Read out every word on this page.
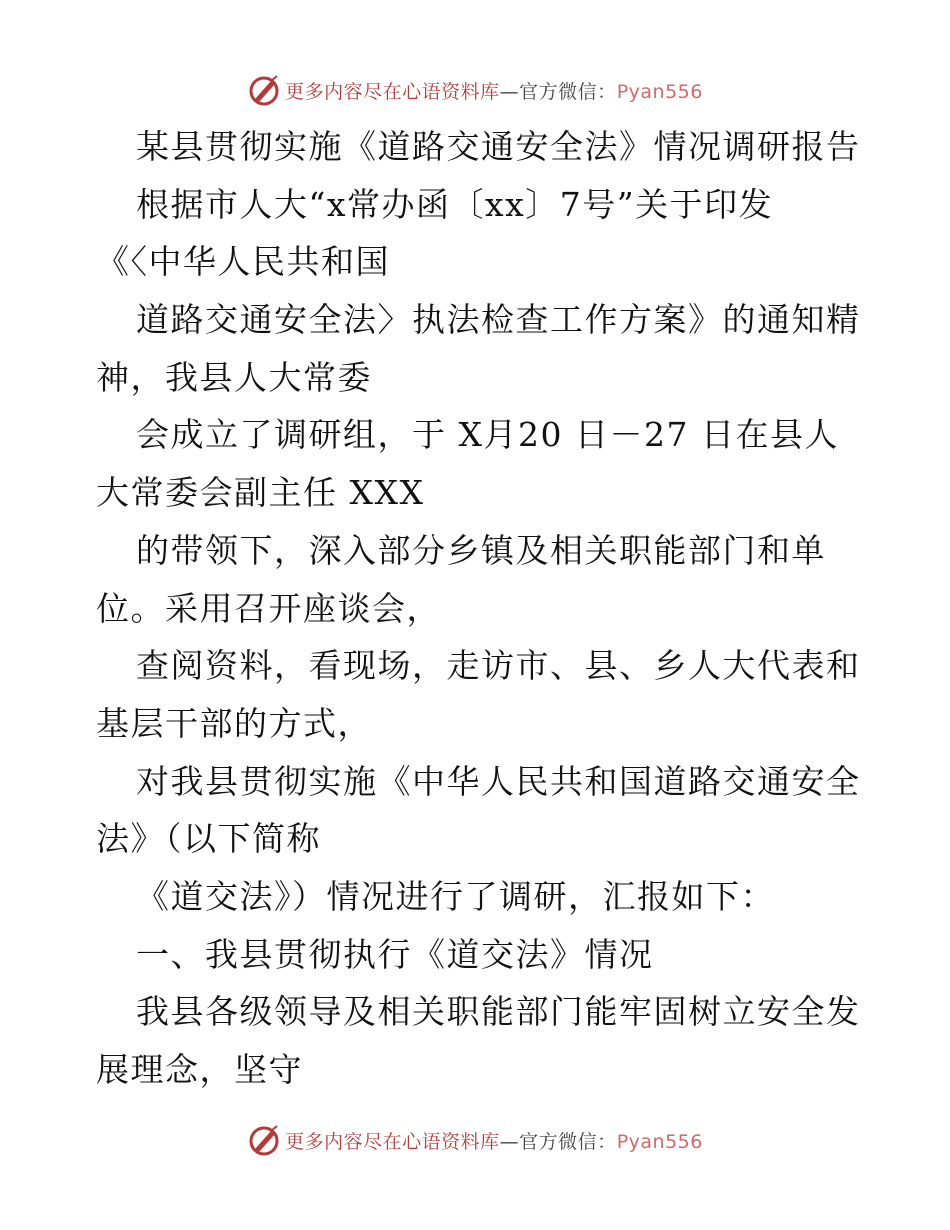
更多内容尽在心语资料库—官方微信：Pyan556
某县贯彻实施《道路交通安全法》情况调研报告
根据市人大“x常办函〔xx〕7号”关于印发
《〈中华人民共和国
道路交通安全法〉执法检查工作方案》的通知精
神，我县人大常委
会成立了调研组，于 X月20 日－27 日在县人
大常委会副主任 XXX
的带领下，深入部分乡镇及相关职能部门和单
位。采用召开座谈会，
查阅资料，看现场，走访市、县、乡人大代表和
基层干部的方式，
对我县贯彻实施《中华人民共和国道路交通安全
法》（以下简称
《道交法》）情况进行了调研，汇报如下：
一、我县贯彻执行《道交法》情况
我县各级领导及相关职能部门能牢固树立安全发
展理念，坚守
更多内容尽在心语资料库—官方微信：Pyan556
